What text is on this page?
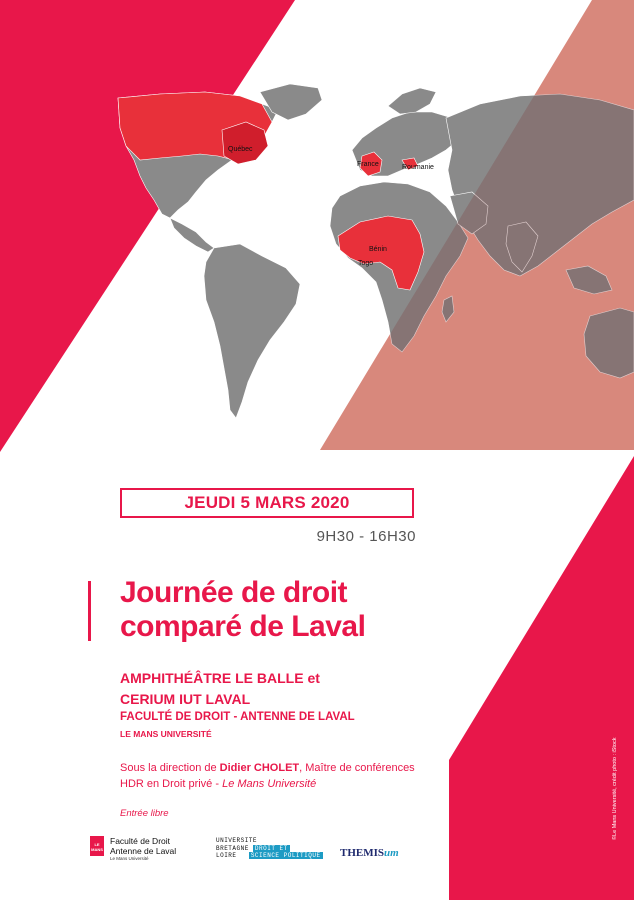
Québec
France	Roumanie
Bénin
Togo
JEUDI 5 MARS 2020
9H30 - 16H30
Journée de droit
comparé de Laval
AMPHITHÉÂTRE LE BALLE et
CERIUM IUT LAVAL
FACULTÉ DE DROIT - ANTENNE DE LAVAL
LE MANS UNIVERSITÉ
Sous la direction de Didier CHOLET, Maître de conférences
HDR en Droit privé - Le Mans Université
Entrée libre	©Le Mans Université, crédit photo : iStock
LE MANS
Faculté de Droit
Antenne de Laval
Le Mans Université
UNIVERSITE
BRETAGNE DROIT ET
LOIRE SCIENCE POLITIQUE THEMISum
